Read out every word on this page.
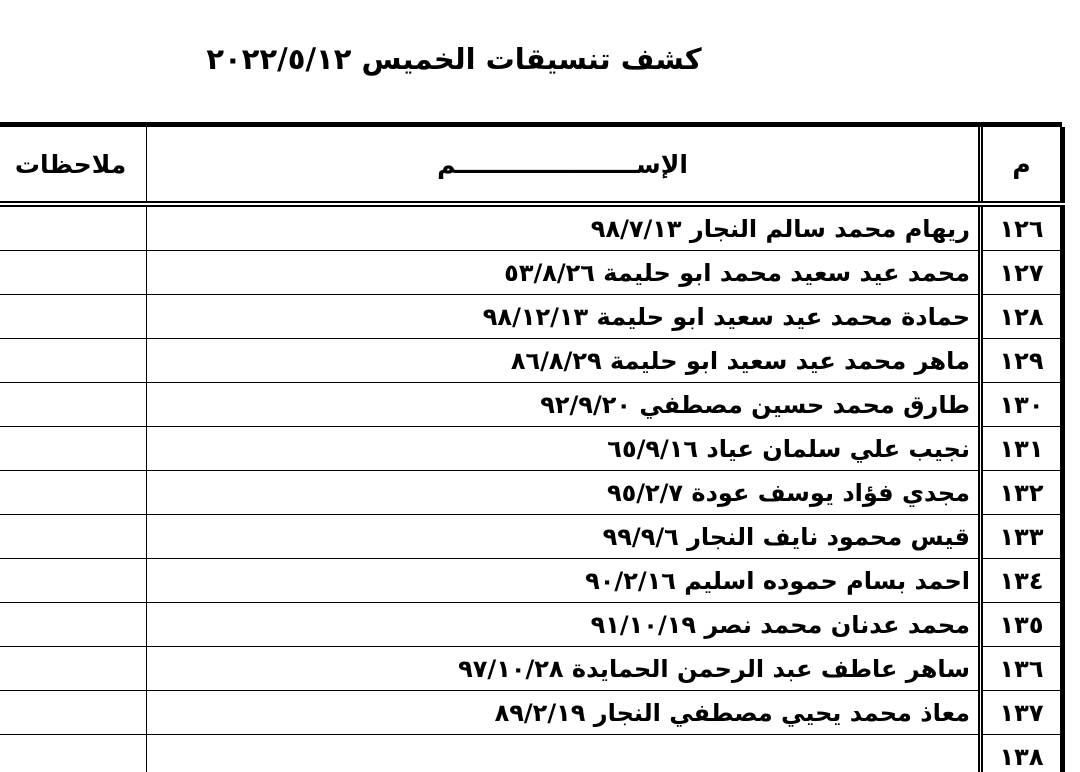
كشف تنسيقات الخميس ٢٠٢٢/٥/١٢
م	الإســـــــــــــــــــــم	ملاحظات
١٢٦	ريهام محمد سالم النجار ٩٨/٧/١٣	
١٢٧	محمد عيد سعيد محمد ابو حليمة ٥٣/٨/٢٦	
١٢٨	حمادة محمد عيد سعيد ابو حليمة ٩٨/١٢/١٣	
١٢٩	ماهر محمد عيد سعيد ابو حليمة ٨٦/٨/٢٩	
١٣٠	طارق محمد حسين مصطفي ٩٢/٩/٢٠	
١٣١	نجيب علي سلمان عياد ٦٥/٩/١٦	
١٣٢	مجدي فؤاد يوسف عودة ٩٥/٢/٧	
١٣٣	قيس محمود نايف النجار ٩٩/٩/٦	
١٣٤	احمد بسام حموده اسليم ٩٠/٢/١٦	
١٣٥	محمد عدنان محمد نصر ٩١/١٠/١٩	
١٣٦	ساهر عاطف عبد الرحمن الحمايدة ٩٧/١٠/٢٨	
١٣٧	معاذ محمد يحيي مصطفي النجار ٨٩/٢/١٩	
١٣٨		
